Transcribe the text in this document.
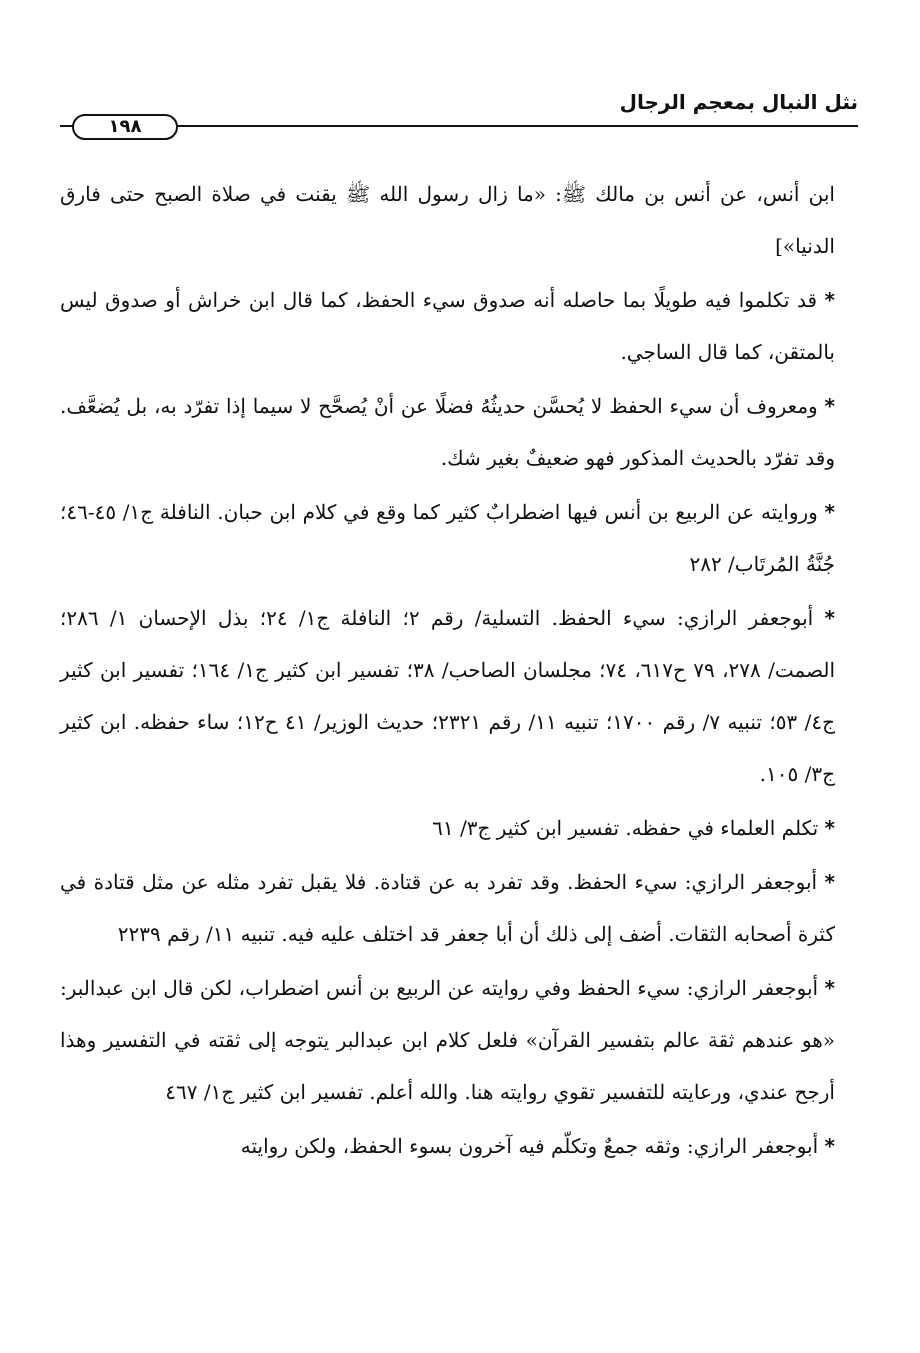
نثل النبال بمعجم الرجال
١٩٨

ابن أنس، عن أنس بن مالك ﷺ: «ما زال رسول الله ﷺ يقنت في صلاة الصبح حتى فارق الدنيا»]

* قد تكلموا فيه طويلًا بما حاصله أنه صدوق سيء الحفظ، كما قال ابن خراش أو صدوق ليس بالمتقن، كما قال الساجي.

* ومعروف أن سيء الحفظ لا يُحسَّن حديثُهُ فضلًا عن أنْ يُصحَّح لا سيما إذا تفرّد به، بل يُضعَّف. وقد تفرّد بالحديث المذكور فهو ضعيفٌ بغير شك.

* وروايته عن الربيع بن أنس فيها اضطرابٌ كثير كما وقع في كلام ابن حبان. النافلة ج١/ ٤٥-٤٦؛ جُنَّةُ المُرتَاب/ ٢٨٢

* أبوجعفر الرازي: سيء الحفظ. التسلية/ رقم ٢؛ النافلة ج١/ ٢٤؛ بذل الإحسان ١/ ٢٨٦؛ الصمت/ ٢٧٨، ٧٩ ح٦١٧، ٧٤؛ مجلسان الصاحب/ ٣٨؛ تفسير ابن كثير ج١/ ١٦٤؛ تفسير ابن كثير ج٤/ ٥٣؛ تنبيه ٧/ رقم ١٧٠٠؛ تنبيه ١١/ رقم ٢٣٢١؛ حديث الوزير/ ٤١ ح١٢؛ ساء حفظه. ابن كثير ج٣/ ١٠٥.

* تكلم العلماء في حفظه. تفسير ابن كثير ج٣/ ٦١

* أبوجعفر الرازي: سيء الحفظ. وقد تفرد به عن قتادة. فلا يقبل تفرد مثله عن مثل قتادة في كثرة أصحابه الثقات. أضف إلى ذلك أن أبا جعفر قد اختلف عليه فيه. تنبيه ١١/ رقم ٢٢٣٩

* أبوجعفر الرازي: سيء الحفظ وفي روايته عن الربيع بن أنس اضطراب، لكن قال ابن عبدالبر: «هو عندهم ثقة عالم بتفسير القرآن» فلعل كلام ابن عبدالبر يتوجه إلى ثقته في التفسير وهذا أرجح عندي، ورعايته للتفسير تقوي روايته هنا. والله أعلم. تفسير ابن كثير ج١/ ٤٦٧

* أبوجعفر الرازي: وثقه جمعٌ وتكلّم فيه آخرون بسوء الحفظ، ولكن روايته
